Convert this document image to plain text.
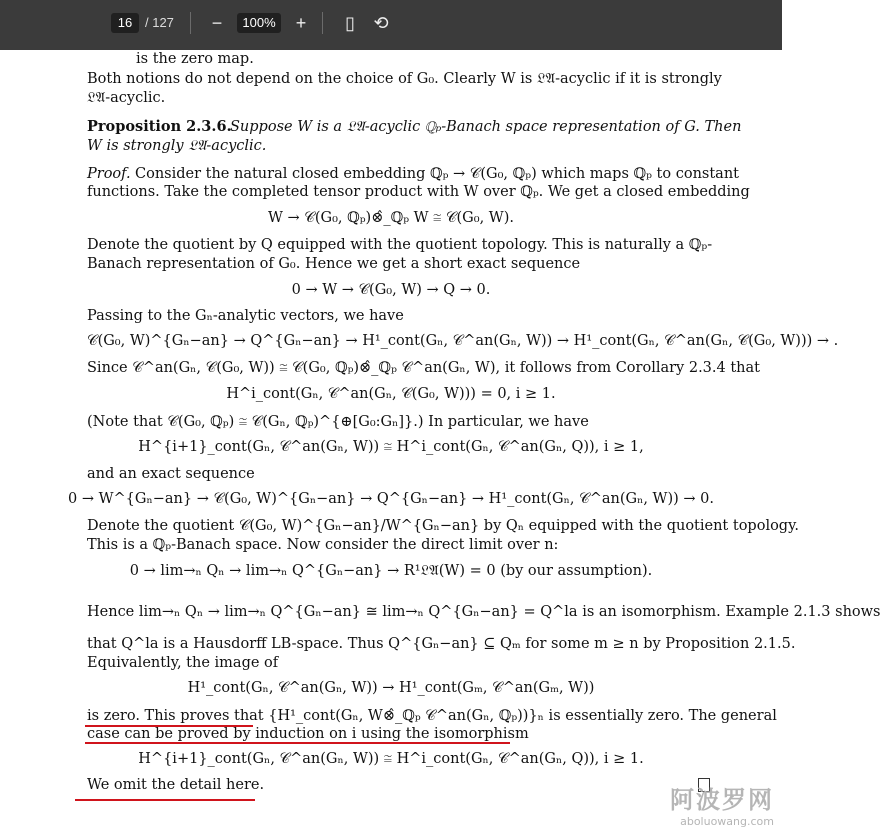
16 / 127	−	100%	+	▯	⟲
is the zero map.
Both notions do not depend on the choice of G₀. Clearly W is 𝔏𝔄-acyclic if it is strongly
𝔏𝔄-acyclic.
Proposition 2.3.6.
Suppose W is a 𝔏𝔄-acyclic ℚₚ-Banach space representation of G. Then
W is strongly 𝔏𝔄-acyclic.
Proof. Consider the natural closed embedding ℚₚ → 𝒞(G₀, ℚₚ) which maps ℚₚ to constant
functions. Take the completed tensor product with W over ℚₚ. We get a closed embedding
W → 𝒞(G₀, ℚₚ)⊗̂_ℚₚ W ≅ 𝒞(G₀, W).
Denote the quotient by Q equipped with the quotient topology. This is naturally a ℚₚ-
Banach representation of G₀. Hence we get a short exact sequence
0 → W → 𝒞(G₀, W) → Q → 0.
Passing to the Gₙ-analytic vectors, we have
𝒞(G₀, W)^{Gₙ−an} → Q^{Gₙ−an} → H¹_cont(Gₙ, 𝒞^an(Gₙ, W)) → H¹_cont(Gₙ, 𝒞^an(Gₙ, 𝒞(G₀, W))) → .
Since 𝒞^an(Gₙ, 𝒞(G₀, W)) ≅ 𝒞(G₀, ℚₚ)⊗̂_ℚₚ 𝒞^an(Gₙ, W), it follows from Corollary 2.3.4 that
H^i_cont(Gₙ, 𝒞^an(Gₙ, 𝒞(G₀, W))) = 0, i ≥ 1.
(Note that 𝒞(G₀, ℚₚ) ≅ 𝒞(Gₙ, ℚₚ)^{⊕[G₀:Gₙ]}.) In particular, we have
H^{i+1}_cont(Gₙ, 𝒞^an(Gₙ, W)) ≅ H^i_cont(Gₙ, 𝒞^an(Gₙ, Q)), i ≥ 1,
and an exact sequence
0 → W^{Gₙ−an} → 𝒞(G₀, W)^{Gₙ−an} → Q^{Gₙ−an} → H¹_cont(Gₙ, 𝒞^an(Gₙ, W)) → 0.
Denote the quotient 𝒞(G₀, W)^{Gₙ−an}/W^{Gₙ−an} by Qₙ equipped with the quotient topology.
This is a ℚₚ-Banach space. Now consider the direct limit over n:
0 → lim→ₙ Qₙ → lim→ₙ Q^{Gₙ−an} → R¹𝔏𝔄(W) = 0 (by our assumption).
Hence lim→ₙ Qₙ → lim→ₙ Q^{Gₙ−an} ≅ lim→ₙ Q^{Gₙ−an} = Q^la is an isomorphism. Example 2.1.3 shows
that Q^la is a Hausdorff LB-space. Thus Q^{Gₙ−an} ⊆ Qₘ for some m ≥ n by Proposition 2.1.5.
Equivalently, the image of
H¹_cont(Gₙ, 𝒞^an(Gₙ, W)) → H¹_cont(Gₘ, 𝒞^an(Gₘ, W))
is zero. This proves that {H¹_cont(Gₙ, W⊗̂_ℚₚ 𝒞^an(Gₙ, ℚₚ))}ₙ is essentially zero. The general
case can be proved by induction on i using the isomorphism
H^{i+1}_cont(Gₙ, 𝒞^an(Gₙ, W)) ≅ H^i_cont(Gₙ, 𝒞^an(Gₙ, Q)), i ≥ 1.
We omit the detail here.
阿波罗网
aboluowang.com
